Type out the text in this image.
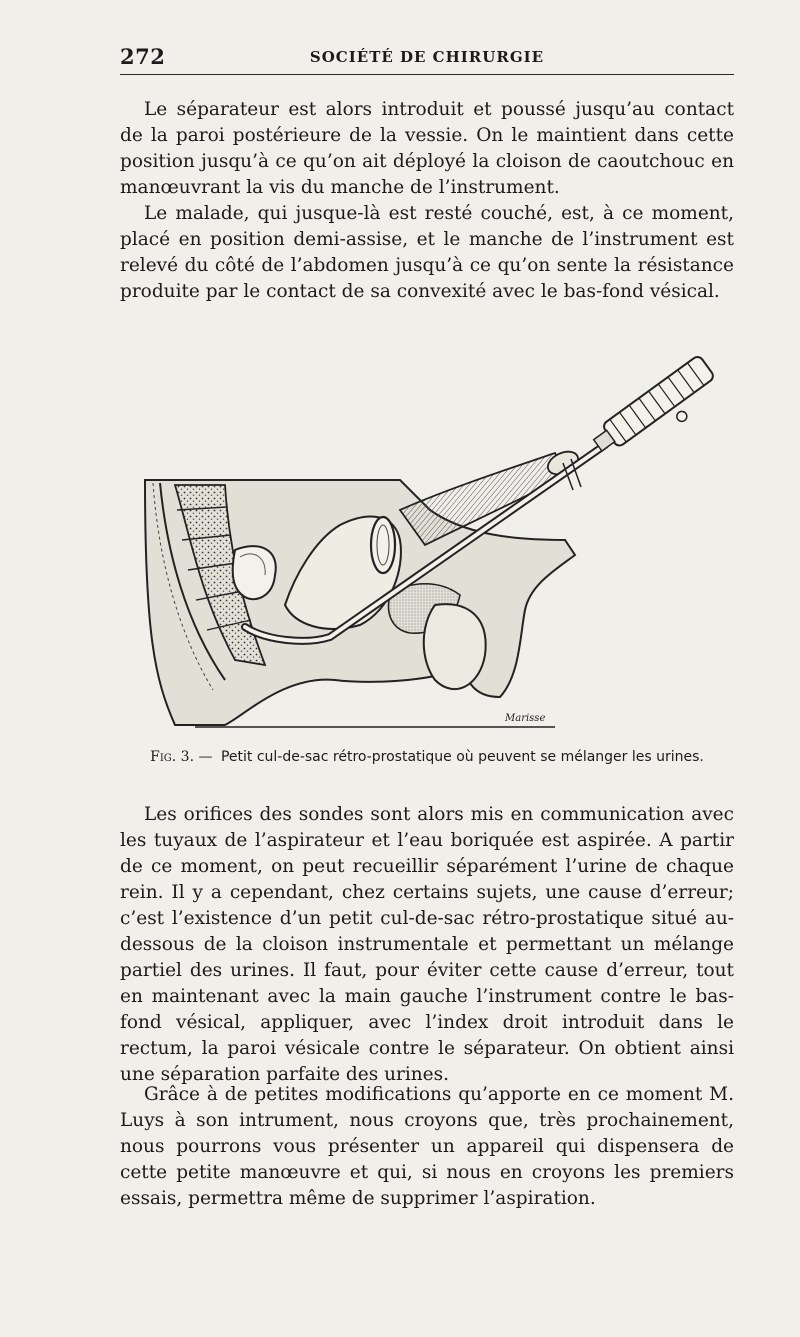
272	SOCIÉTÉ DE CHIRURGIE

Le séparateur est alors introduit et poussé jusqu’au contact de la paroi postérieure de la vessie. On le maintient dans cette position jusqu’à ce qu’on ait déployé la cloison de caoutchouc en manœuvrant la vis du manche de l’instrument.

Le malade, qui jusque-là est resté couché, est, à ce moment, placé en position demi-assise, et le manche de l’instrument est relevé du côté de l’abdomen jusqu’à ce qu’on sente la résistance produite par le contact de sa convexité avec le bas-fond vésical.

Marisse
Fig. 3. — Petit cul-de-sac rétro-prostatique où peuvent se mélanger les urines.

Les orifices des sondes sont alors mis en communication avec les tuyaux de l’aspirateur et l’eau boriquée est aspirée. A partir de ce moment, on peut recueillir séparément l’urine de chaque rein. Il y a cependant, chez certains sujets, une cause d’erreur; c’est l’existence d’un petit cul-de-sac rétro-prostatique situé au-dessous de la cloison instrumentale et permettant un mélange partiel des urines. Il faut, pour éviter cette cause d’erreur, tout en maintenant avec la main gauche l’instrument contre le bas-fond vésical, appliquer, avec l’index droit introduit dans le rectum, la paroi vésicale contre le séparateur. On obtient ainsi une séparation parfaite des urines.

Grâce à de petites modifications qu’apporte en ce moment M. Luys à son intrument, nous croyons que, très prochainement, nous pourrons vous présenter un appareil qui dispensera de cette petite manœuvre et qui, si nous en croyons les premiers essais, permettra même de supprimer l’aspiration.
